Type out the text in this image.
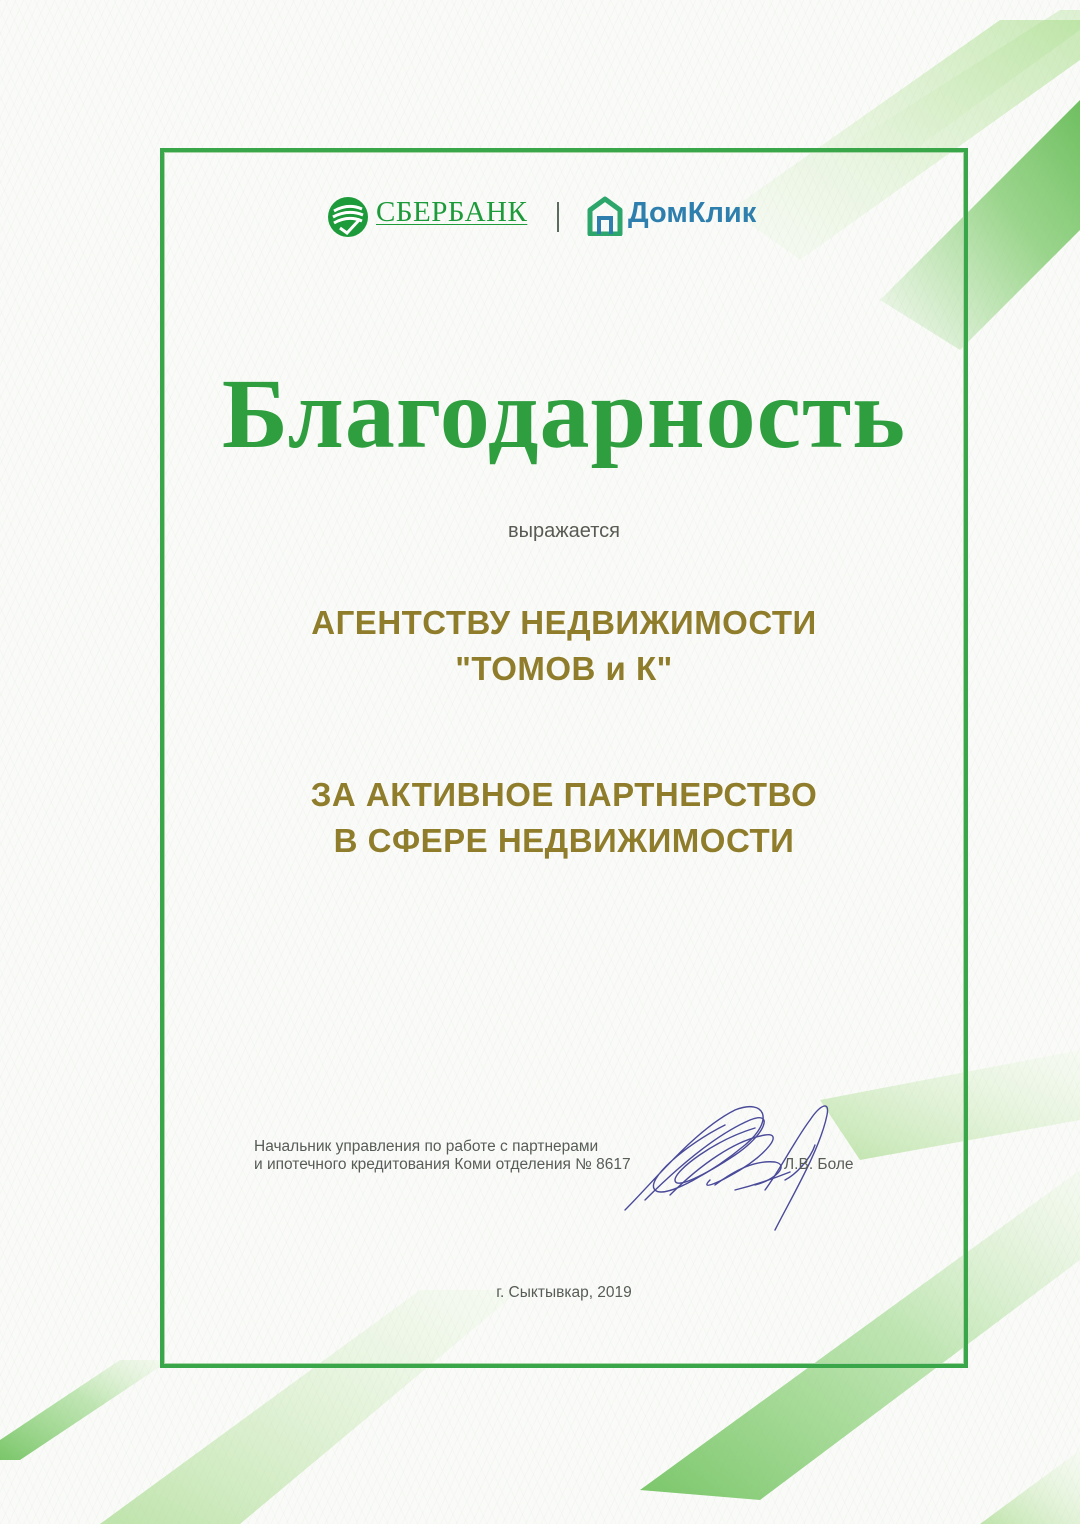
СБЕРБАНК	ДомКлик
Благодарность
выражается
АГЕНТСТВУ НЕДВИЖИМОСТИ
"ТОМОВ и К"
ЗА АКТИВНОЕ ПАРТНЕРСТВО
В СФЕРЕ НЕДВИЖИМОСТИ
Начальник управления по работе с партнерами
и ипотечного кредитования Коми отделения № 8617	Л.В. Боле
г. Сыктывкар, 2019
